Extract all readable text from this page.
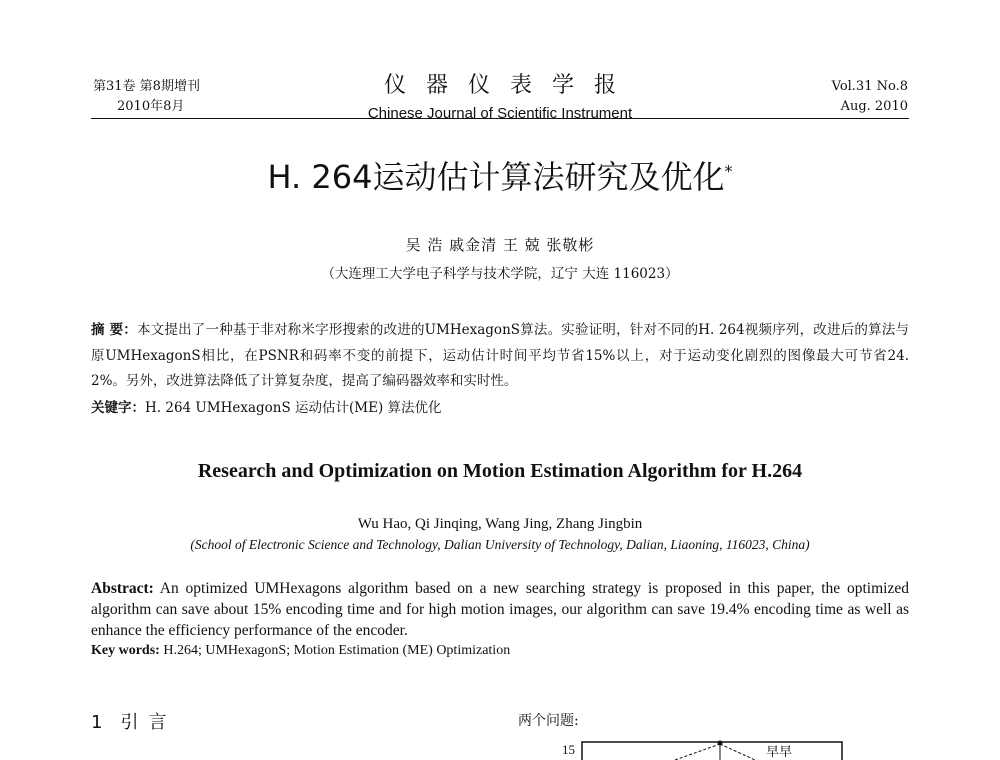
第31卷 第8期增刊
2010年8月
仪器仪表学报
Chinese Journal of Scientific Instrument
Vol.31 No.8
Aug. 2010
H. 264运动估计算法研究及优化*
吴 浩 戚金清 王 兢 张敬彬
（大连理工大学电子科学与技术学院，辽宁 大连 116023）
摘 要：本文提出了一种基于非对称米字形搜索的改进的UMHexagonS算法。实验证明，针对不同的H. 264视频序列，改进后的算法与原UMHexagonS相比，在PSNR和码率不变的前提下，运动估计时间平均节省15%以上，对于运动变化剧烈的图像最大可节省24. 2%。另外，改进算法降低了计算复杂度，提高了编码器效率和实时性。
关键字：H. 264 UMHexagonS 运动估计(ME) 算法优化
Research and Optimization on Motion Estimation Algorithm for H.264
Wu Hao, Qi Jinqing, Wang Jing, Zhang Jingbin
(School of Electronic Science and Technology, Dalian University of Technology, Dalian, Liaoning, 116023, China)
Abstract: An optimized UMHexagons algorithm based on a new searching strategy is proposed in this paper, the optimized algorithm can save about 15% encoding time and for high motion images, our algorithm can save 19.4% encoding time as well as enhance the efficiency performance of the encoder.
Key words: H.264; UMHexagonS; Motion Estimation (ME) Optimization
1 引言	两个问题:
15	早早
